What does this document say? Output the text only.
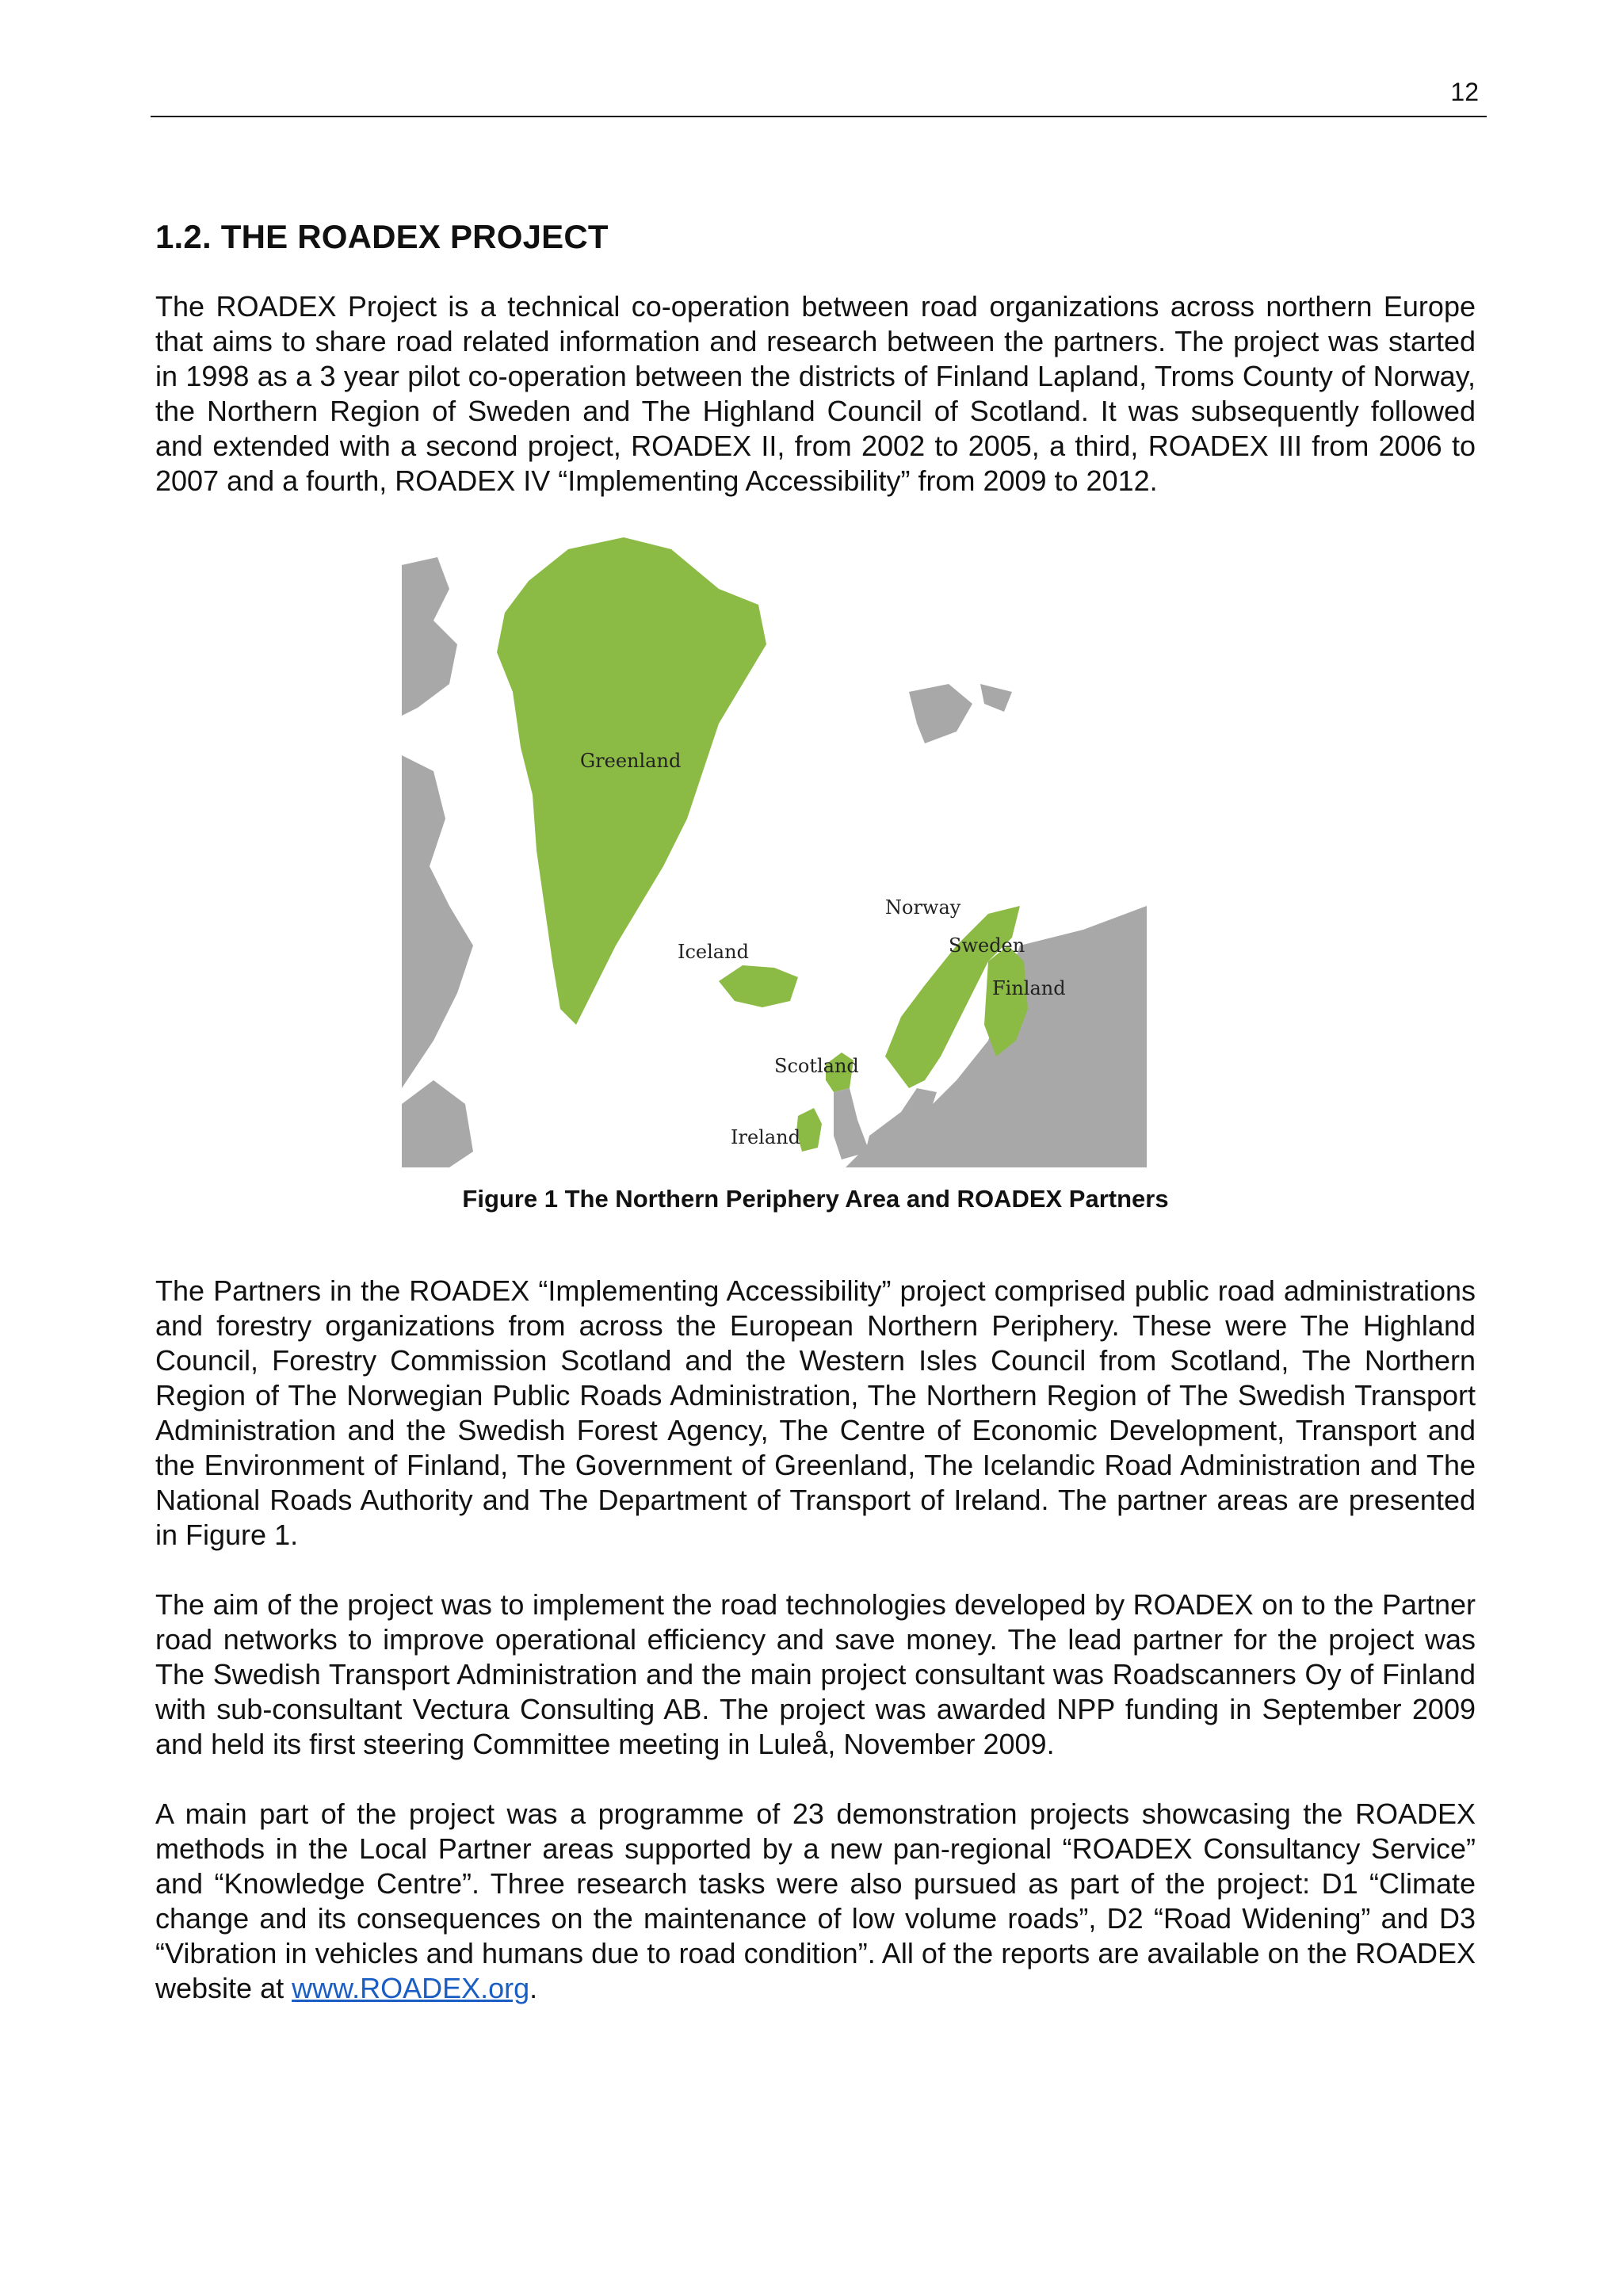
12
1.2. THE ROADEX PROJECT

The ROADEX Project is a technical co-operation between road organizations across northern Europe that aims to share road related information and research between the partners. The project was started in 1998 as a 3 year pilot co-operation between the districts of Finland Lapland, Troms County of Norway, the Northern Region of Sweden and The Highland Council of Scotland. It was subsequently followed and extended with a second project, ROADEX II, from 2002 to 2005, a third, ROADEX III from 2006 to 2007 and a fourth, ROADEX IV “Implementing Accessibility” from 2009 to 2012.

Greenland
Iceland
Norway
Sweden
Finland
Scotland
Ireland
Figure 1 The Northern Periphery Area and ROADEX Partners

The Partners in the ROADEX “Implementing Accessibility” project comprised public road administrations and forestry organizations from across the European Northern Periphery. These were The Highland Council, Forestry Commission Scotland and the Western Isles Council from Scotland, The Northern Region of The Norwegian Public Roads Administration, The Northern Region of The Swedish Transport Administration and the Swedish Forest Agency, The Centre of Economic Development, Transport and the Environment of Finland, The Government of Greenland, The Icelandic Road Administration and The National Roads Authority and The Department of Transport of Ireland. The partner areas are presented in Figure 1.

The aim of the project was to implement the road technologies developed by ROADEX on to the Partner road networks to improve operational efficiency and save money. The lead partner for the project was The Swedish Transport Administration and the main project consultant was Roadscanners Oy of Finland with sub-consultant Vectura Consulting AB. The project was awarded NPP funding in September 2009 and held its first steering Committee meeting in Luleå, November 2009.

A main part of the project was a programme of 23 demonstration projects showcasing the ROADEX methods in the Local Partner areas supported by a new pan-regional “ROADEX Consultancy Service” and “Knowledge Centre”. Three research tasks were also pursued as part of the project: D1 “Climate change and its consequences on the maintenance of low volume roads”, D2 “Road Widening” and D3 “Vibration in vehicles and humans due to road condition”. All of the reports are available on the ROADEX website at www.ROADEX.org.
